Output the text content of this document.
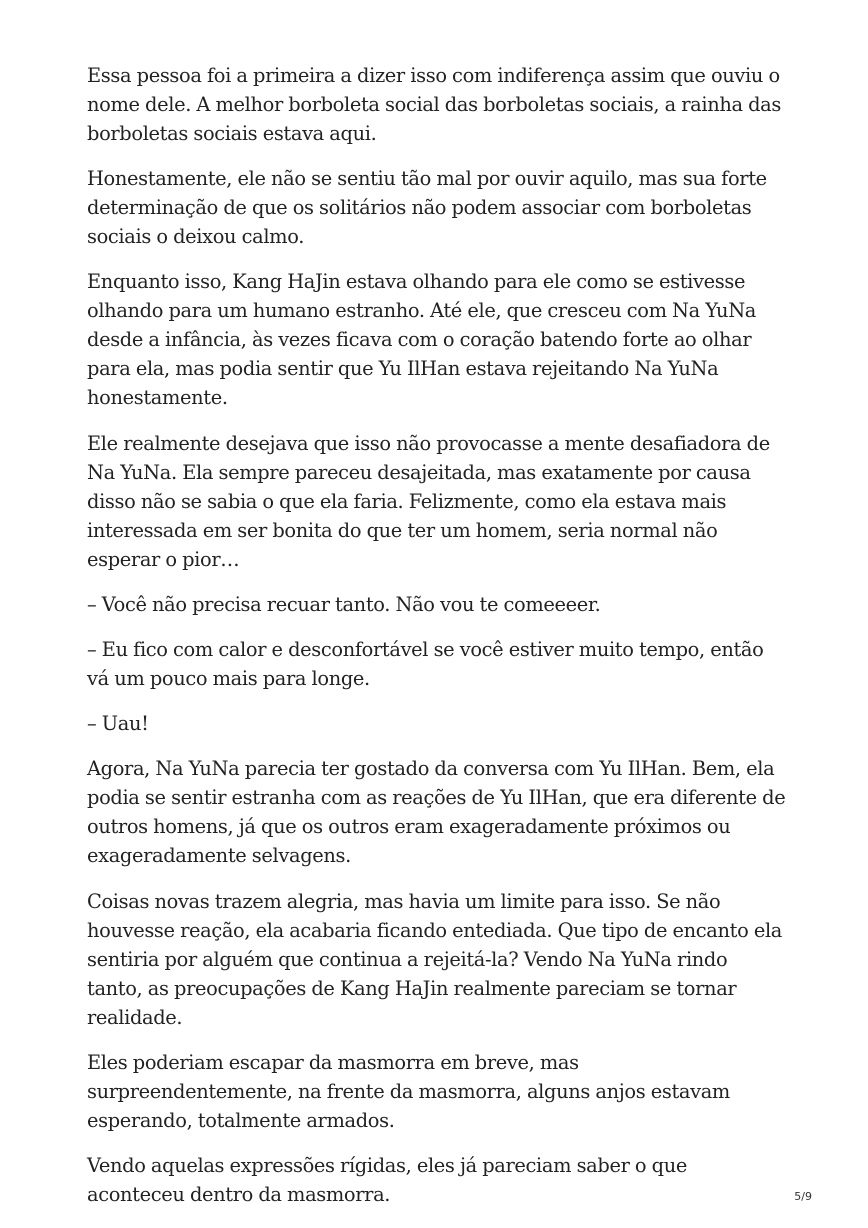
Essa pessoa foi a primeira a dizer isso com indiferença assim que ouviu o nome dele. A melhor borboleta social das borboletas sociais, a rainha das borboletas sociais estava aqui.

Honestamente, ele não se sentiu tão mal por ouvir aquilo, mas sua forte determinação de que os solitários não podem associar com borboletas sociais o deixou calmo.

Enquanto isso, Kang HaJin estava olhando para ele como se estivesse olhando para um humano estranho. Até ele, que cresceu com Na YuNa desde a infância, às vezes ficava com o coração batendo forte ao olhar para ela, mas podia sentir que Yu IlHan estava rejeitando Na YuNa honestamente.

Ele realmente desejava que isso não provocasse a mente desafiadora de Na YuNa. Ela sempre pareceu desajeitada, mas exatamente por causa disso não se sabia o que ela faria. Felizmente, como ela estava mais interessada em ser bonita do que ter um homem, seria normal não esperar o pior…

– Você não precisa recuar tanto. Não vou te comeeeer.

– Eu fico com calor e desconfortável se você estiver muito tempo, então vá um pouco mais para longe.

– Uau!

Agora, Na YuNa parecia ter gostado da conversa com Yu IlHan. Bem, ela podia se sentir estranha com as reações de Yu IlHan, que era diferente de outros homens, já que os outros eram exageradamente próximos ou exageradamente selvagens.

Coisas novas trazem alegria, mas havia um limite para isso. Se não houvesse reação, ela acabaria ficando entediada. Que tipo de encanto ela sentiria por alguém que continua a rejeitá-la? Vendo Na YuNa rindo tanto, as preocupações de Kang HaJin realmente pareciam se tornar realidade.

Eles poderiam escapar da masmorra em breve, mas surpreendentemente, na frente da masmorra, alguns anjos estavam esperando, totalmente armados.

Vendo aquelas expressões rígidas, eles já pareciam saber o que aconteceu dentro da masmorra.	5/9
